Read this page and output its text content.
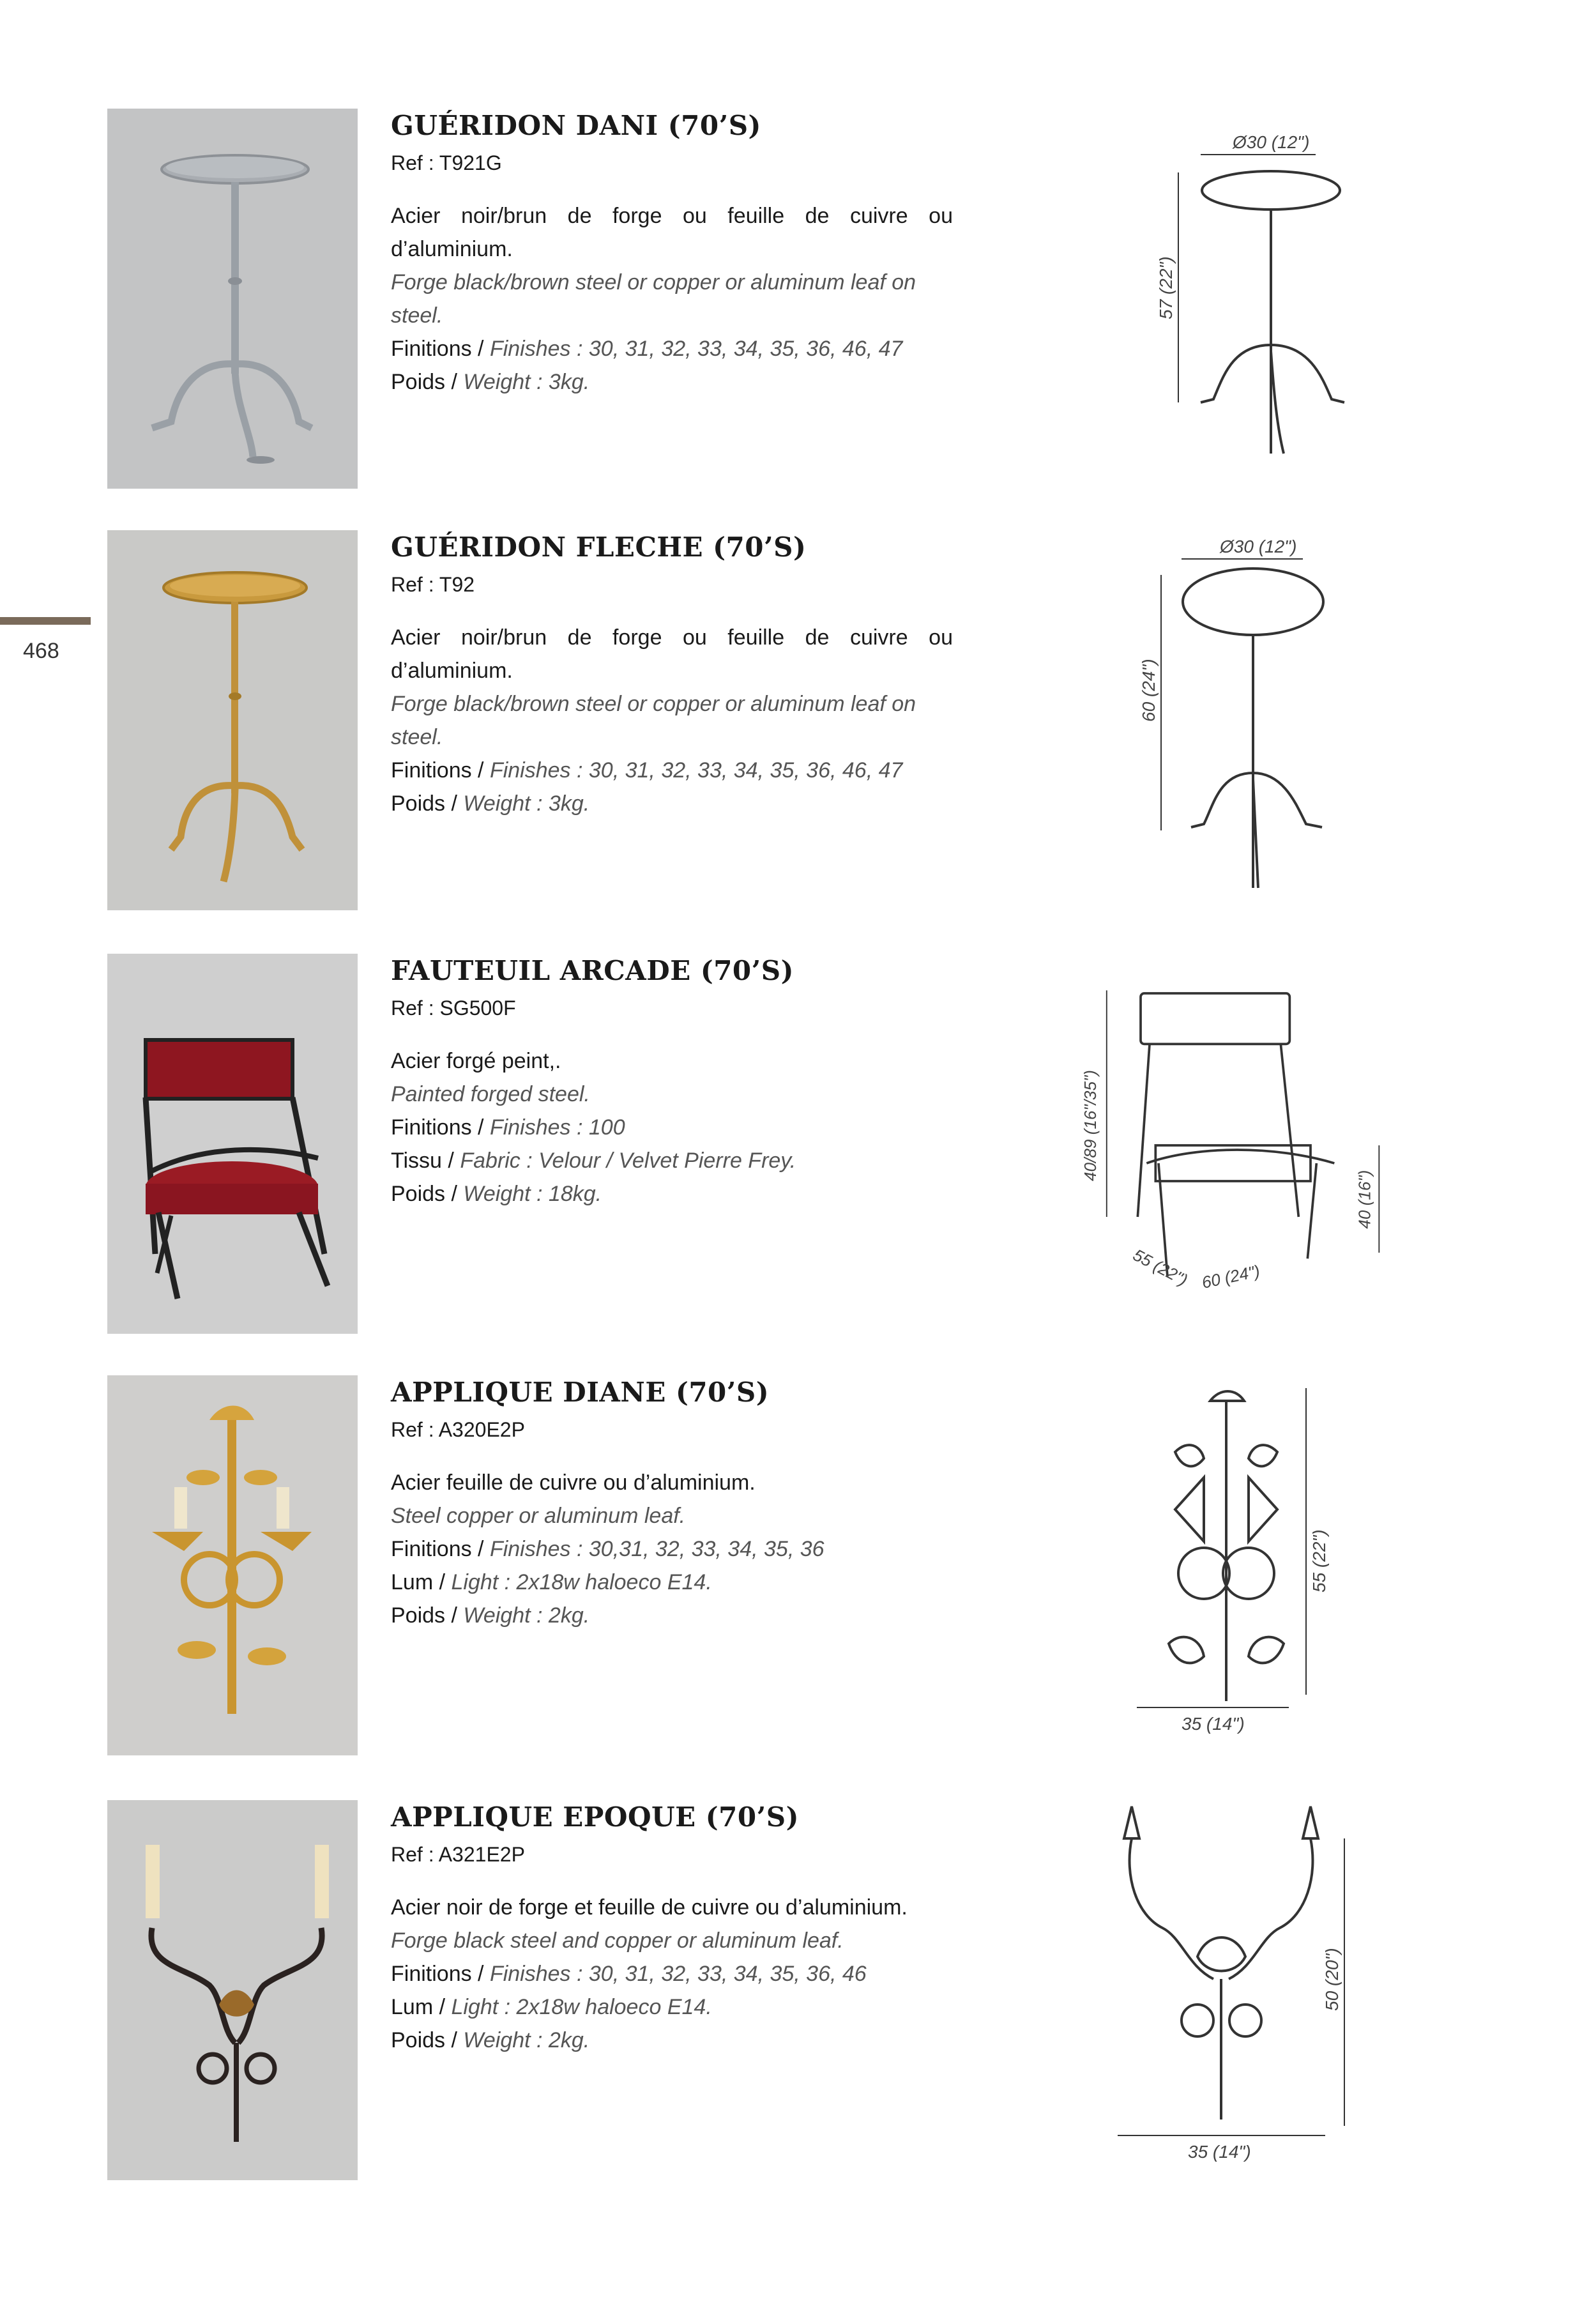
468
GUÉRIDON DANI (70’S)
Ref : T921G

Acier noir/brun de forge ou feuille de cuivre ou d’aluminium.

Forge black/brown steel or copper or aluminum leaf on steel.

Finitions / Finishes : 30, 31, 32, 33, 34, 35, 36, 46, 47

Poids / Weight : 3kg.

Ø30 (12")
57 (22")
GUÉRIDON FLECHE (70’S)
Ref : T92

Acier noir/brun de forge ou feuille de cuivre ou d’aluminium.

Forge black/brown steel or copper or aluminum leaf on steel.

Finitions / Finishes : 30, 31, 32, 33, 34, 35, 36, 46, 47

Poids / Weight : 3kg.

Ø30 (12")
60 (24")
FAUTEUIL ARCADE (70’S)
Ref : SG500F

Acier forgé peint,.

Painted forged steel.

Finitions / Finishes : 100

Tissu / Fabric : Velour / Velvet Pierre Frey.

Poids / Weight : 18kg.

40/89 (16"/35")
55 (22") 60 (24")
40 (16")
APPLIQUE DIANE (70’S)
Ref : A320E2P

Acier feuille de cuivre ou d’aluminium.

Steel copper or aluminum leaf.

Finitions / Finishes : 30,31, 32, 33, 34, 35, 36

Lum / Light : 2x18w haloeco E14.

Poids / Weight : 2kg.

55 (22")
35 (14")
APPLIQUE EPOQUE (70’S)
Ref : A321E2P

Acier noir de forge et feuille de cuivre ou d’aluminium.

Forge black steel and copper or aluminum leaf.

Finitions / Finishes : 30, 31, 32, 33, 34, 35, 36, 46

Lum / Light : 2x18w haloeco E14.

Poids / Weight : 2kg.

50 (20")
35 (14")
